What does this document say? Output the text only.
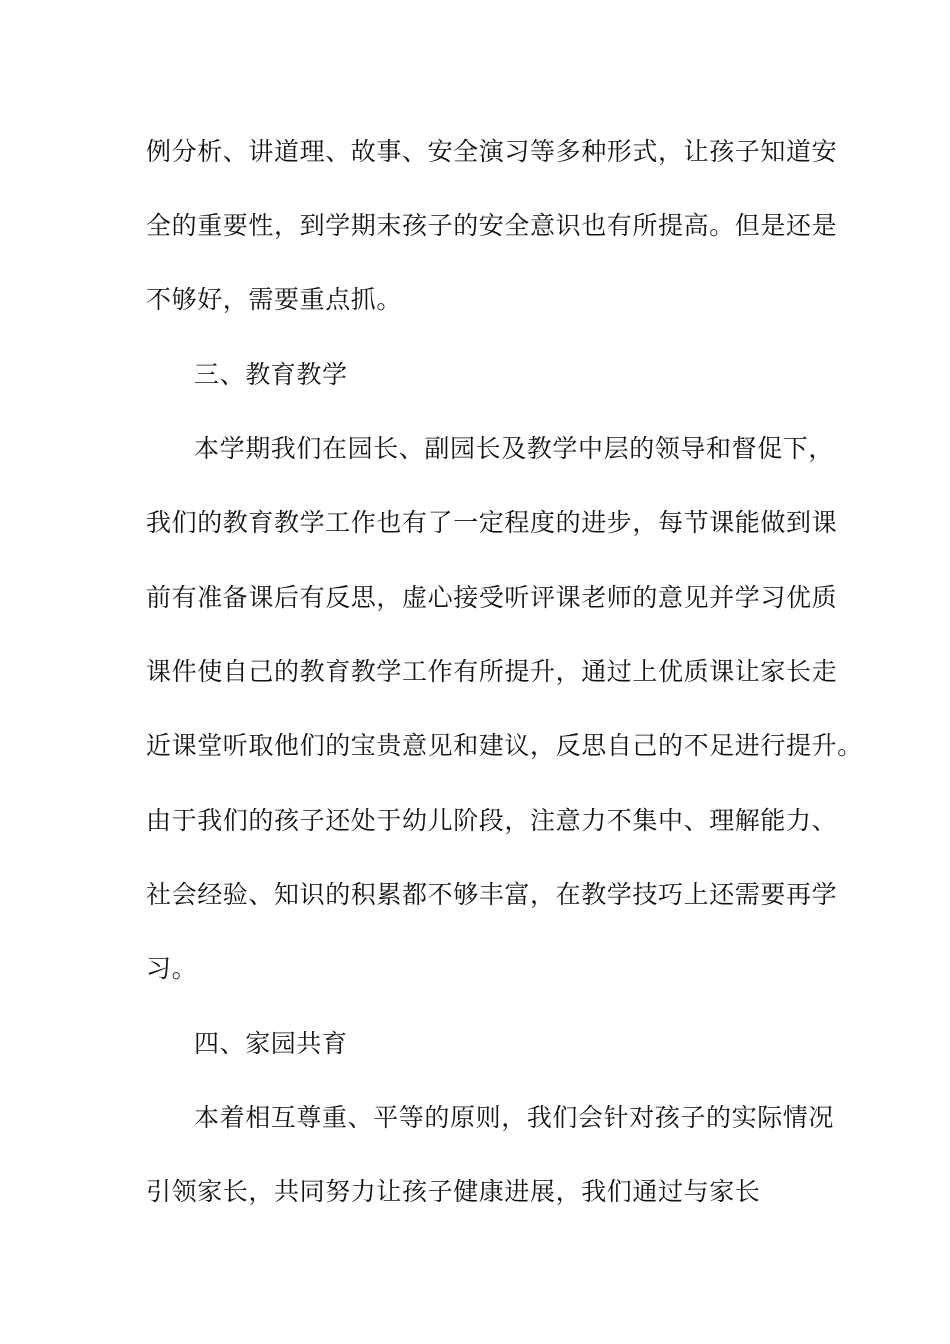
例分析、讲道理、故事、安全演习等多种形式，让孩子知道安
全的重要性，到学期末孩子的安全意识也有所提高。但是还是
不够好，需要重点抓。
三、教育教学
本学期我们在园长、副园长及教学中层的领导和督促下，
我们的教育教学工作也有了一定程度的进步，每节课能做到课
前有准备课后有反思，虚心接受听评课老师的意见并学习优质
课件使自己的教育教学工作有所提升，通过上优质课让家长走
近课堂听取他们的宝贵意见和建议，反思自己的不足进行提升。
由于我们的孩子还处于幼儿阶段，注意力不集中、理解能力、
社会经验、知识的积累都不够丰富，在教学技巧上还需要再学
习。
四、家园共育
本着相互尊重、平等的原则，我们会针对孩子的实际情况
引领家长，共同努力让孩子健康进展，我们通过与家长
